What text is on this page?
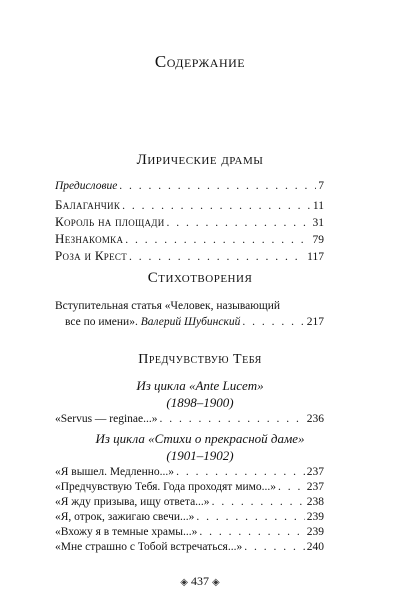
Содержание
Лирические драмы
Предисловие . . .	7
Балаганчик . . .	11
Король на площади . . .	31
Незнакомка . . .	79
Роза и Крест . . .	117
Стихотворения
Вступительная статья «Человек, называющий
все по имени». Валерий Шубинский . . .	217
Предчувствую Тебя
Из цикла «Ante Lucem»
(1898–1900)
«Servus — reginae...» . . .	236
Из цикла «Стихи о прекрасной даме»
(1901–1902)
«Я вышел. Медленно...» . . .	237
«Предчувствую Тебя. Года проходят мимо...» . . .	237
«Я жду призыва, ищу ответа...» . . .	238
«Я, отрок, зажигаю свечи...» . . .	239
«Вхожу я в темные храмы...» . . .	239
«Мне страшно с Тобой встречаться...» . . .	240
◈ 437 ◈
